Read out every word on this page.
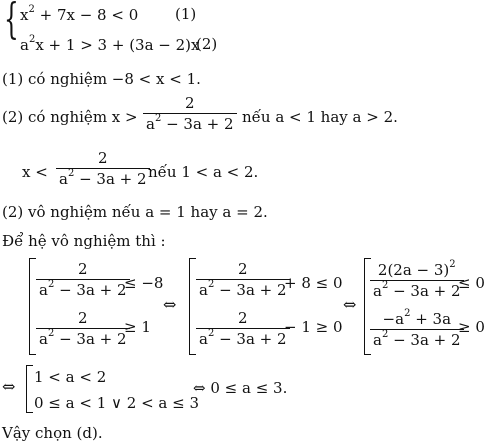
{ $x^2 + 7x - 8 < 0$ (1)
$a^2x + 1 > 3 + (3a - 2)x$
(2)
(1) có nghiệm −8 < x < 1.
(2) có nghiệm $x > \frac{2}{a^2 - 3a + 2}$ nếu a < 1 hay a > 2.
$x < \frac{2}{a^2 - 3a + 2}$
nếu 1 < a < 2.
(2) vô nghiệm nếu a = 1 hay a = 2.
Để hệ vô nghiệm thì :
$\frac{2}{a^2 - 3a + 2}$
≤ −8
$\frac{2}{a^2 - 3a + 2}$
≥ 1
⇔
$\frac{2}{a^2 - 3a + 2}$
+ 8 ≤ 0
$\frac{2}{a^2 - 3a + 2}$
− 1 ≥ 0
⇔
$\frac{2(2a - 3)^2}{a^2 - 3a + 2}$
≤ 0
$\frac{-a^2 + 3a}{a^2 - 3a + 2}$
≥ 0
⇔ 1 < a < 2
0 ≤ a < 1 ∨ 2 < a ≤ 3
⇔ 0 ≤ a ≤ 3.
Vậy chọn (d).
